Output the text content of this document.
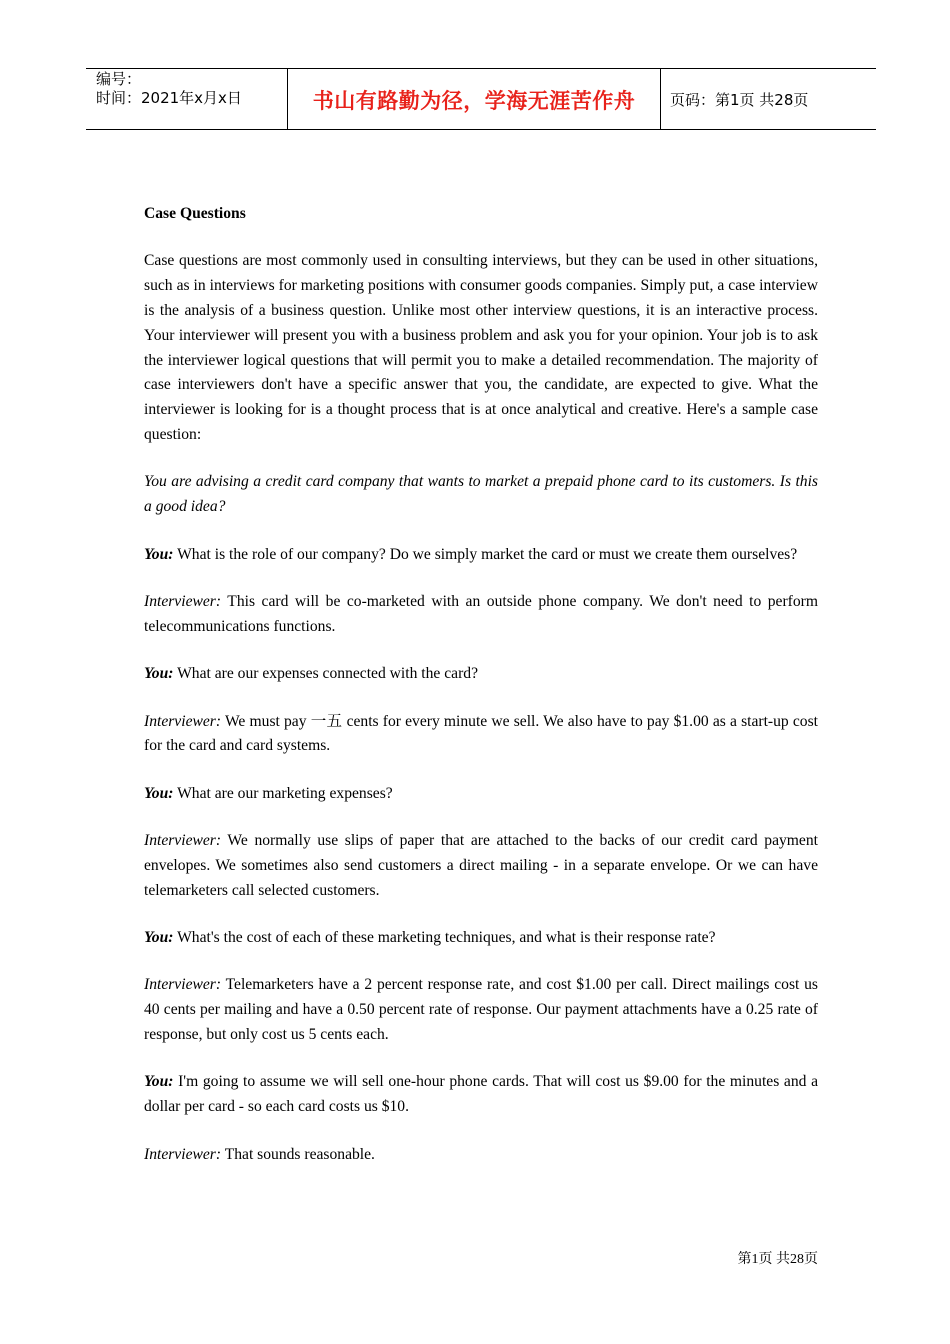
编号：
时间：2021年x月x日	书山有路勤为径，学海无涯苦作舟	页码：第1页 共28页

Case Questions

Case questions are most commonly used in consulting interviews, but they can be used in other situations, such as in interviews for marketing positions with consumer goods companies. Simply put, a case interview is the analysis of a business question. Unlike most other interview questions, it is an interactive process. Your interviewer will present you with a business problem and ask you for your opinion. Your job is to ask the interviewer logical questions that will permit you to make a detailed recommendation. The majority of case interviewers don't have a specific answer that you, the candidate, are expected to give. What the interviewer is looking for is a thought process that is at once analytical and creative. Here's a sample case question:

You are advising a credit card company that wants to market a prepaid phone card to its customers. Is this a good idea?

You: What is the role of our company? Do we simply market the card or must we create them ourselves?

Interviewer: This card will be co-marketed with an outside phone company. We don't need to perform telecommunications functions.

You: What are our expenses connected with the card?

Interviewer: We must pay 一五 cents for every minute we sell. We also have to pay $1.00 as a start-up cost for the card and card systems.

You: What are our marketing expenses?

Interviewer: We normally use slips of paper that are attached to the backs of our credit card payment envelopes. We sometimes also send customers a direct mailing - in a separate envelope. Or we can have telemarketers call selected customers.

You: What's the cost of each of these marketing techniques, and what is their response rate?

Interviewer: Telemarketers have a 2 percent response rate, and cost $1.00 per call. Direct mailings cost us 40 cents per mailing and have a 0.50 percent rate of response. Our payment attachments have a 0.25 rate of response, but only cost us 5 cents each.

You: I'm going to assume we will sell one-hour phone cards. That will cost us $9.00 for the minutes and a dollar per card - so each card costs us $10.

Interviewer: That sounds reasonable.

第1页 共28页
